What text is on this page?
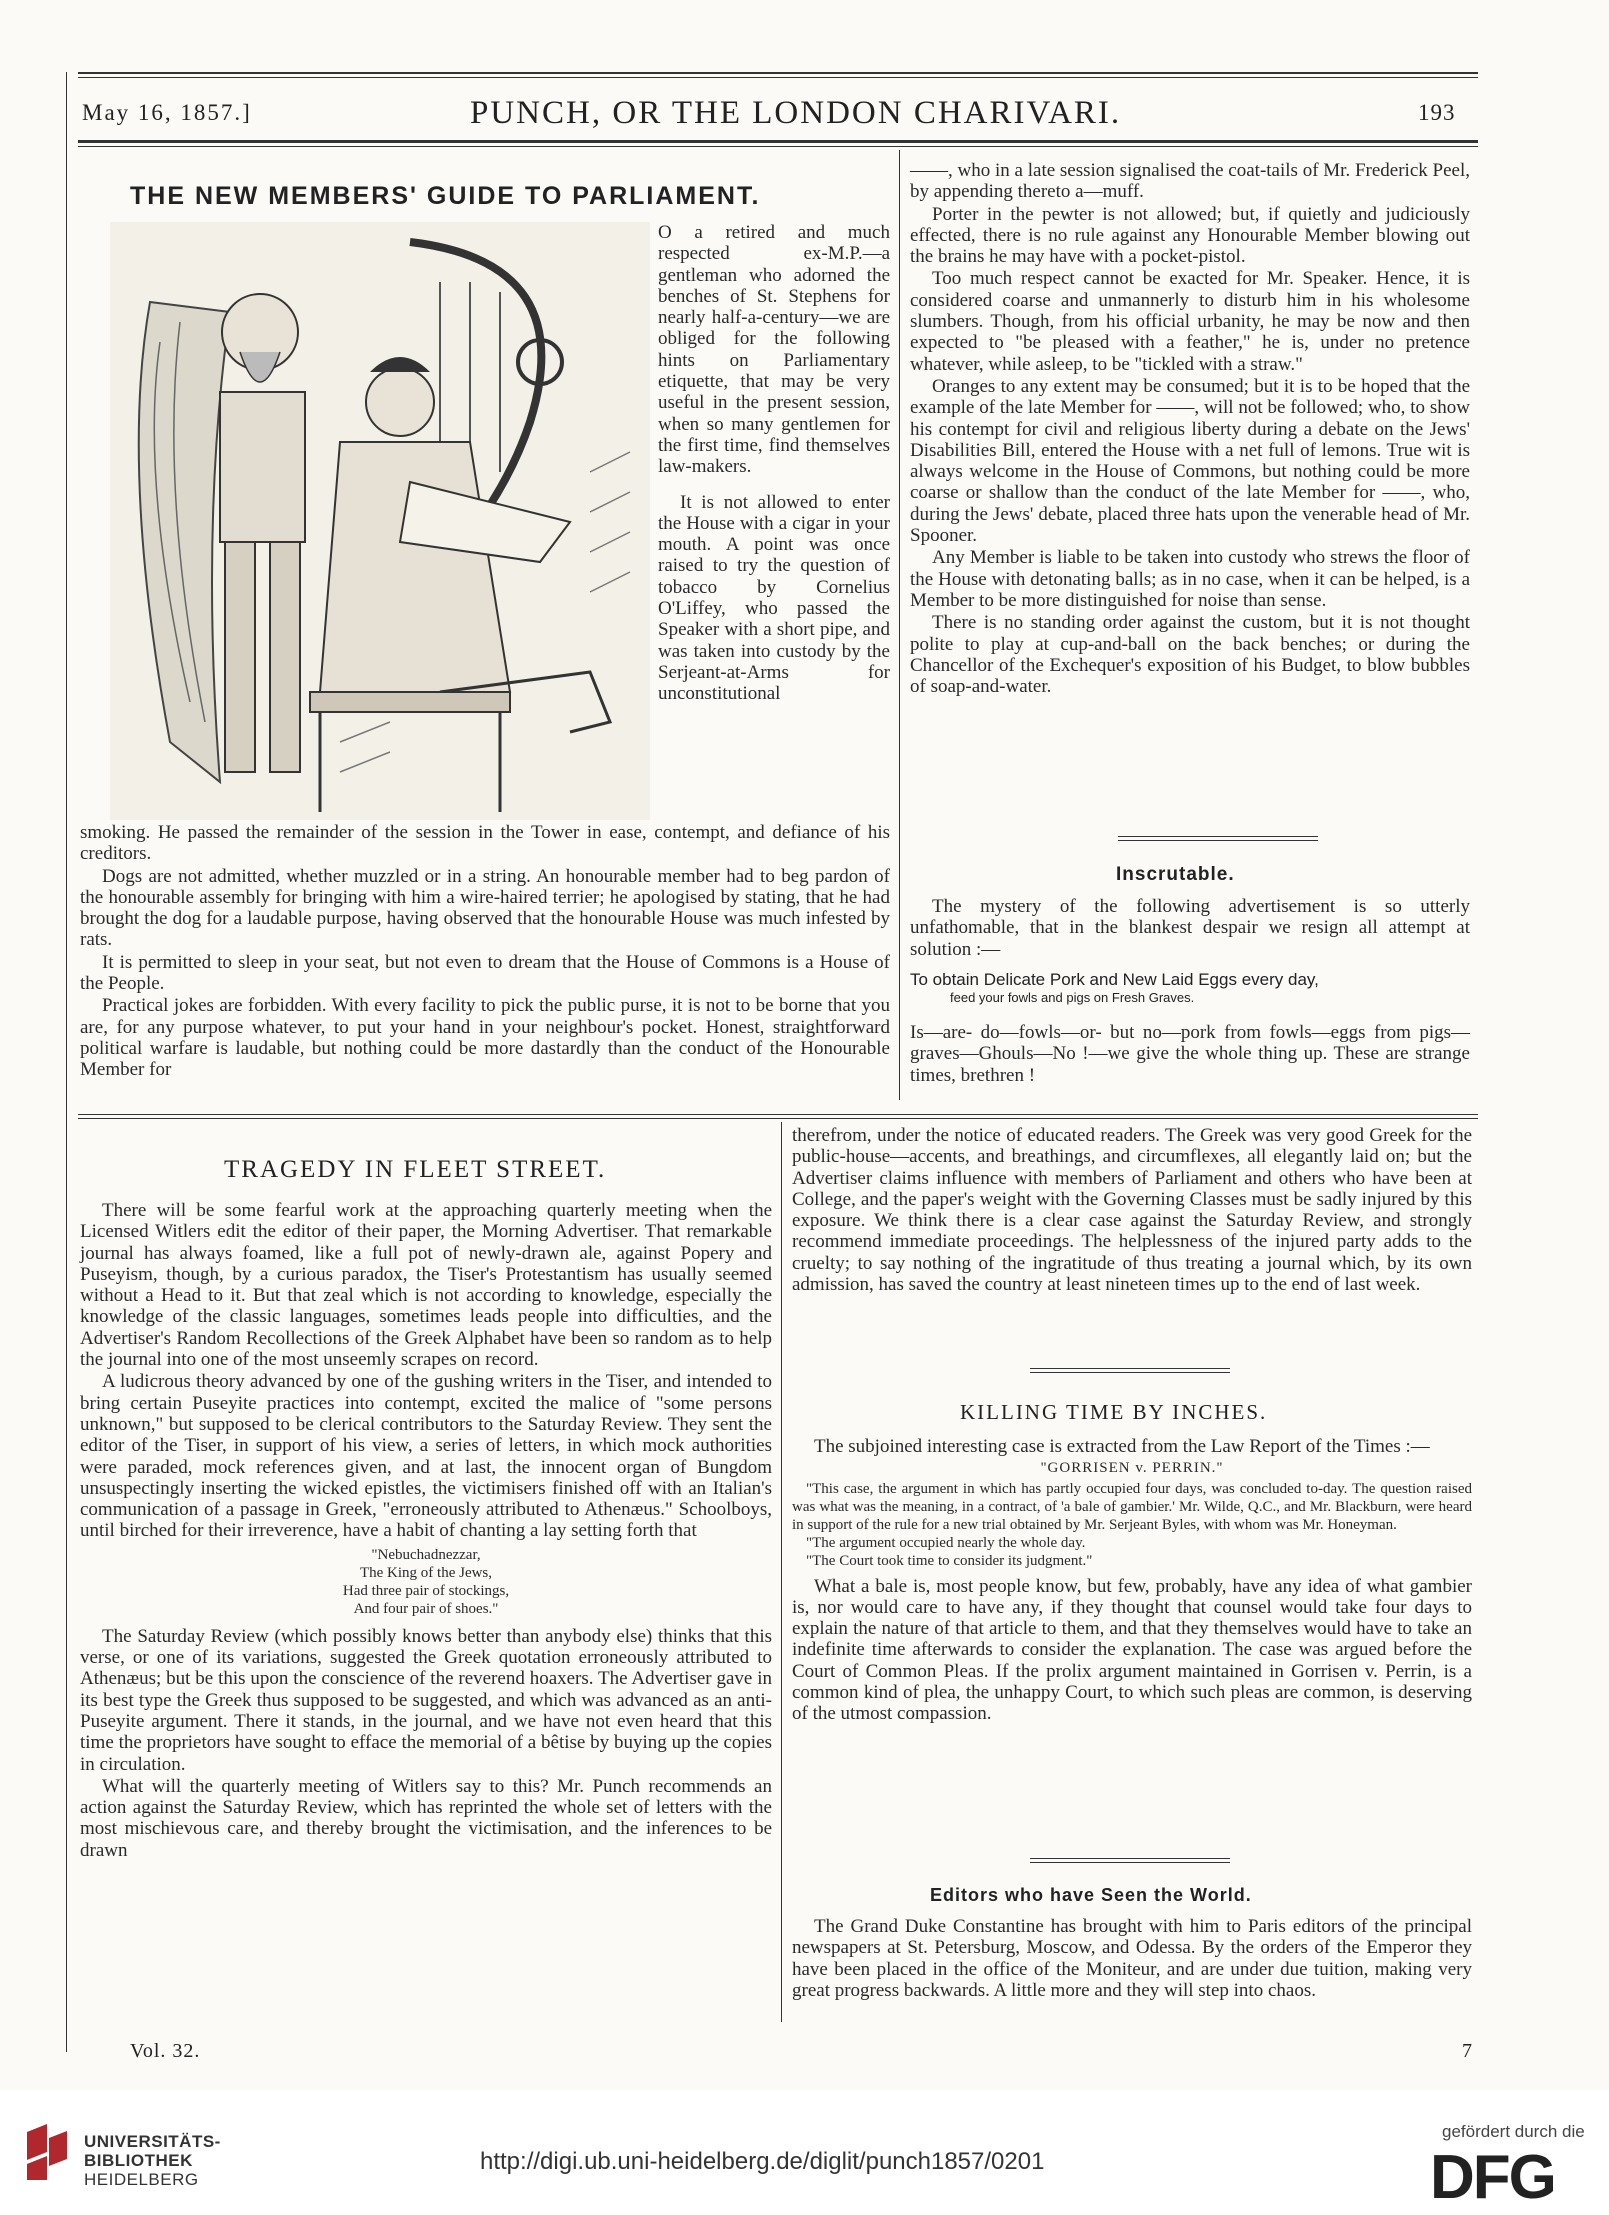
May 16, 1857.]	PUNCH, OR THE LONDON CHARIVARI.	193
THE NEW MEMBERS' GUIDE TO PARLIAMENT.

O a retired and much respected ex-M.P.—a gentleman who adorned the benches of St. Stephens for nearly half-a-century—we are obliged for the following hints on Parliamentary etiquette, that may be very useful in the present session, when so many gentlemen for the first time, find themselves law-makers.

It is not allowed to enter the House with a cigar in your mouth. A point was once raised to try the question of tobacco by Cornelius O'Liffey, who passed the Speaker with a short pipe, and was taken into custody by the Serjeant-at-Arms for unconstitutional

smoking. He passed the remainder of the session in the Tower in ease, contempt, and defiance of his creditors.

Dogs are not admitted, whether muzzled or in a string. An honourable member had to beg pardon of the honourable assembly for bringing with him a wire-haired terrier; he apologised by stating, that he had brought the dog for a laudable purpose, having observed that the honourable House was much infested by rats.

It is permitted to sleep in your seat, but not even to dream that the House of Commons is a House of the People.

Practical jokes are forbidden. With every facility to pick the public purse, it is not to be borne that you are, for any purpose whatever, to put your hand in your neighbour's pocket. Honest, straightforward political warfare is laudable, but nothing could be more dastardly than the conduct of the Honourable Member for

——, who in a late session signalised the coat-tails of Mr. Frederick Peel, by appending thereto a—muff.

Porter in the pewter is not allowed; but, if quietly and judiciously effected, there is no rule against any Honourable Member blowing out the brains he may have with a pocket-pistol.

Too much respect cannot be exacted for Mr. Speaker. Hence, it is considered coarse and unmannerly to disturb him in his wholesome slumbers. Though, from his official urbanity, he may be now and then expected to "be pleased with a feather," he is, under no pretence whatever, while asleep, to be "tickled with a straw."

Oranges to any extent may be consumed; but it is to be hoped that the example of the late Member for ——, will not be followed; who, to show his contempt for civil and religious liberty during a debate on the Jews' Disabilities Bill, entered the House with a net full of lemons. True wit is always welcome in the House of Commons, but nothing could be more coarse or shallow than the conduct of the late Member for ——, who, during the Jews' debate, placed three hats upon the venerable head of Mr. Spooner.

Any Member is liable to be taken into custody who strews the floor of the House with detonating balls; as in no case, when it can be helped, is a Member to be more distinguished for noise than sense.

There is no standing order against the custom, but it is not thought polite to play at cup-and-ball on the back benches; or during the Chancellor of the Exchequer's exposition of his Budget, to blow bubbles of soap-and-water.

Inscrutable.

The mystery of the following advertisement is so utterly unfathomable, that in the blankest despair we resign all attempt at solution :—

To obtain Delicate Pork and New Laid Eggs every day,
feed your fowls and pigs on Fresh Graves.

Is—are- do—fowls—or- but no—pork from fowls—eggs from pigs—graves—Ghouls—No !—we give the whole thing up. These are strange times, brethren !

TRAGEDY IN FLEET STREET.

There will be some fearful work at the approaching quarterly meeting when the Licensed Witlers edit the editor of their paper, the Morning Advertiser. That remarkable journal has always foamed, like a full pot of newly-drawn ale, against Popery and Puseyism, though, by a curious paradox, the Tiser's Protestantism has usually seemed without a Head to it. But that zeal which is not according to knowledge, especially the knowledge of the classic languages, sometimes leads people into difficulties, and the Advertiser's Random Recollections of the Greek Alphabet have been so random as to help the journal into one of the most unseemly scrapes on record.

A ludicrous theory advanced by one of the gushing writers in the Tiser, and intended to bring certain Puseyite practices into contempt, excited the malice of "some persons unknown," but supposed to be clerical contributors to the Saturday Review. They sent the editor of the Tiser, in support of his view, a series of letters, in which mock authorities were paraded, mock references given, and at last, the innocent organ of Bungdom unsuspectingly inserting the wicked epistles, the victimisers finished off with an Italian's communication of a passage in Greek, "erroneously attributed to Athenæus." Schoolboys, until birched for their irreverence, have a habit of chanting a lay setting forth that

"Nebuchadnezzar,
The King of the Jews,
Had three pair of stockings,
And four pair of shoes."

The Saturday Review (which possibly knows better than anybody else) thinks that this verse, or one of its variations, suggested the Greek quotation erroneously attributed to Athenæus; but be this upon the conscience of the reverend hoaxers. The Advertiser gave in its best type the Greek thus supposed to be suggested, and which was advanced as an anti-Puseyite argument. There it stands, in the journal, and we have not even heard that this time the proprietors have sought to efface the memorial of a bêtise by buying up the copies in circulation.

What will the quarterly meeting of Witlers say to this? Mr. Punch recommends an action against the Saturday Review, which has reprinted the whole set of letters with the most mischievous care, and thereby brought the victimisation, and the inferences to be drawn

therefrom, under the notice of educated readers. The Greek was very good Greek for the public-house—accents, and breathings, and circumflexes, all elegantly laid on; but the Advertiser claims influence with members of Parliament and others who have been at College, and the paper's weight with the Governing Classes must be sadly injured by this exposure. We think there is a clear case against the Saturday Review, and strongly recommend immediate proceedings. The helplessness of the injured party adds to the cruelty; to say nothing of the ingratitude of thus treating a journal which, by its own admission, has saved the country at least nineteen times up to the end of last week.

KILLING TIME BY INCHES.

The subjoined interesting case is extracted from the Law Report of the Times :—

"GORRISEN v. PERRIN."
"This case, the argument in which has partly occupied four days, was concluded to-day. The question raised was what was the meaning, in a contract, of 'a bale of gambier.' Mr. Wilde, Q.C., and Mr. Blackburn, were heard in support of the rule for a new trial obtained by Mr. Serjeant Byles, with whom was Mr. Honeyman.
"The argument occupied nearly the whole day.
"The Court took time to consider its judgment."

What a bale is, most people know, but few, probably, have any idea of what gambier is, nor would care to have any, if they thought that counsel would take four days to explain the nature of that article to them, and that they themselves would have to take an indefinite time afterwards to consider the explanation. The case was argued before the Court of Common Pleas. If the prolix argument maintained in Gorrisen v. Perrin, is a common kind of plea, the unhappy Court, to which such pleas are common, is deserving of the utmost compassion.

Editors who have Seen the World.

The Grand Duke Constantine has brought with him to Paris editors of the principal newspapers at St. Petersburg, Moscow, and Odessa. By the orders of the Emperor they have been placed in the office of the Moniteur, and are under due tuition, making very great progress backwards. A little more and they will step into chaos.

Vol. 32.	7
UNIVERSITÄTS-
BIBLIOTHEK
HEIDELBERG
http://digi.ub.uni-heidelberg.de/diglit/punch1857/0201
gefördert durch die
DFG
